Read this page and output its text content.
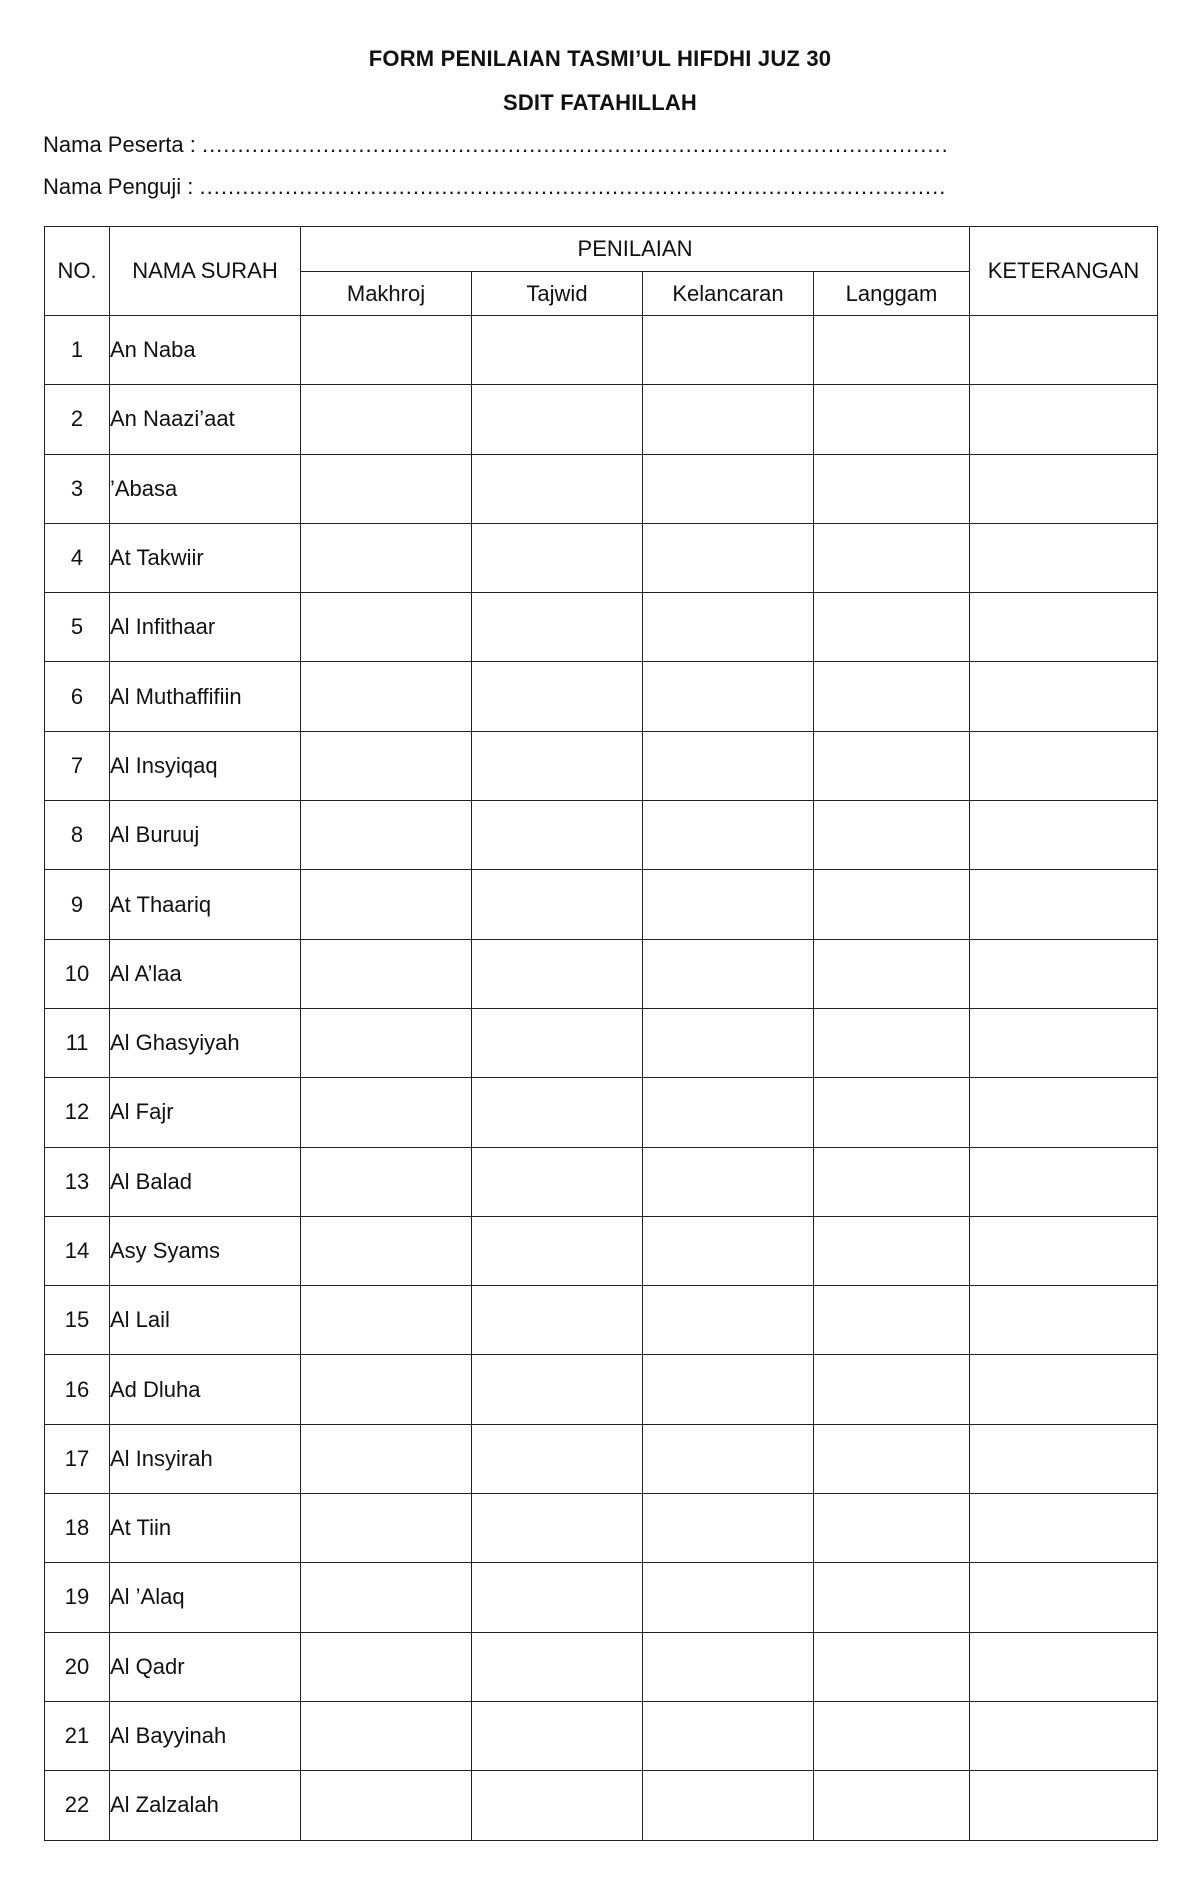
FORM PENILAIAN TASMI’UL HIFDHI JUZ 30
SDIT FATAHILLAH
Nama Peserta : .........................................................................................................
Nama Penguji : .........................................................................................................
NO.	NAMA SURAH	PENILAIAN				KETERANGAN
		Makhroj	Tajwid	Kelancaran	Langgam	
1	An Naba					
2	An Naazi’aat					
3	’Abasa					
4	At Takwiir					
5	Al Infithaar					
6	Al Muthaffifiin					
7	Al Insyiqaq					
8	Al Buruuj					
9	At Thaariq					
10	Al A’laa					
11	Al Ghasyiyah					
12	Al Fajr					
13	Al Balad					
14	Asy Syams					
15	Al Lail					
16	Ad Dluha					
17	Al Insyirah					
18	At Tiin					
19	Al ’Alaq					
20	Al Qadr					
21	Al Bayyinah					
22	Al Zalzalah					
